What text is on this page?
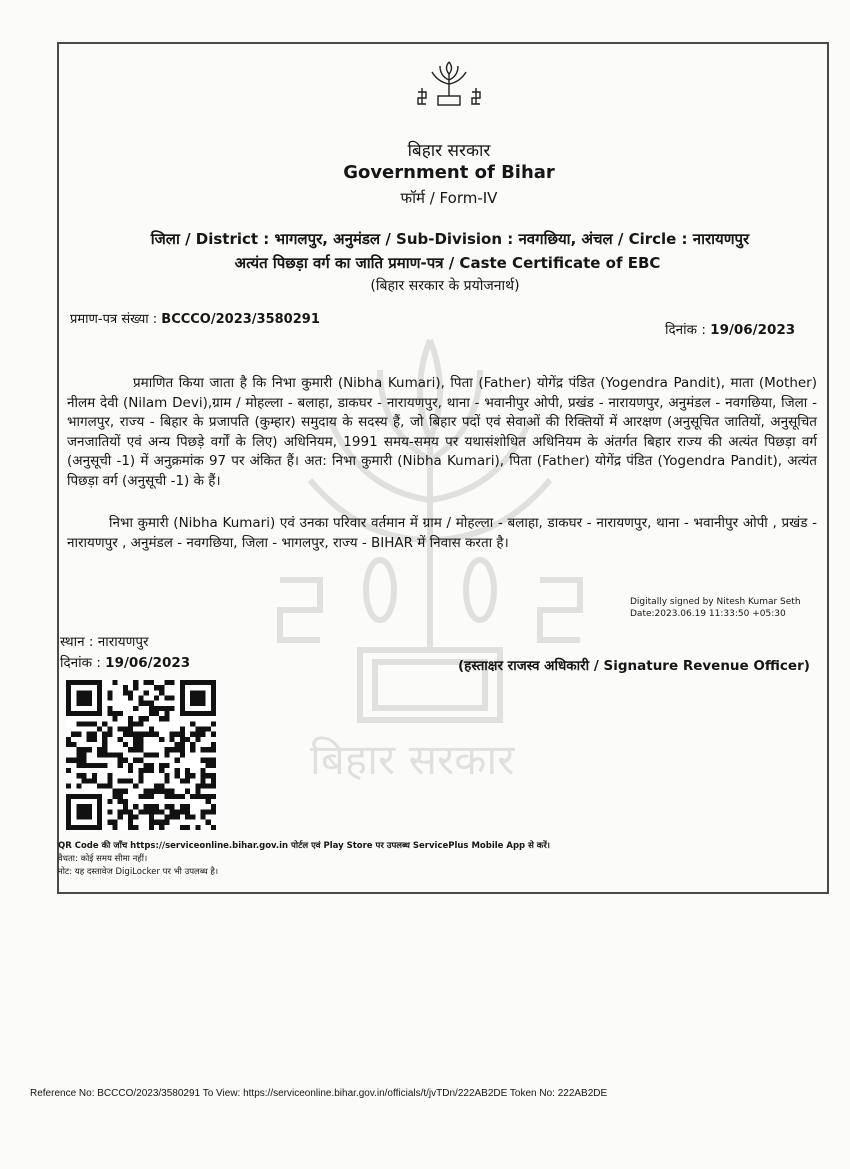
बिहार सरकार
बिहार सरकार
Government of Bihar
फॉर्म / Form-IV
जिला / District : भागलपुर, अनुमंडल / Sub-Division : नवगछिया, अंचल / Circle : नारायणपुर
अत्यंत पिछड़ा वर्ग का जाति प्रमाण-पत्र / Caste Certificate of EBC
(बिहार सरकार के प्रयोजनार्थ)
प्रमाण-पत्र संख्या : BCCCO/2023/3580291
दिनांक : 19/06/2023
प्रमाणित किया जाता है कि निभा कुमारी (Nibha Kumari), पिता (Father) योगेंद्र पंडित (Yogendra Pandit), माता (Mother) नीलम देवी (Nilam Devi),ग्राम / मोहल्ला - बलाहा, डाकघर - नारायणपुर, थाना - भवानीपुर ओपी, प्रखंड - नारायणपुर, अनुमंडल - नवगछिया, जिला - भागलपुर, राज्य - बिहार के प्रजापति (कुम्हार) समुदाय के सदस्य हैं, जो बिहार पदों एवं सेवाओं की रिक्तियों में आरक्षण (अनुसूचित जातियों, अनुसूचित जनजातियों एवं अन्य पिछड़े वर्गों के लिए) अधिनियम, 1991 समय-समय पर यथासंशोधित अधिनियम के अंतर्गत बिहार राज्य की अत्यंत पिछड़ा वर्ग (अनुसूची -1) में अनुक्रमांक 97 पर अंकित हैं। अत: निभा कुमारी (Nibha Kumari), पिता (Father) योगेंद्र पंडित (Yogendra Pandit), अत्यंत पिछड़ा वर्ग (अनुसूची -1) के हैं।
निभा कुमारी (Nibha Kumari) एवं उनका परिवार वर्तमान में ग्राम / मोहल्ला - बलाहा, डाकघर - नारायणपुर, थाना - भवानीपुर ओपी , प्रखंड - नारायणपुर , अनुमंडल - नवगछिया, जिला - भागलपुर, राज्य - BIHAR में निवास करता है।
Digitally signed by Nitesh Kumar Seth
Date:2023.06.19 11:33:50 +05:30
स्थान : नारायणपुर
दिनांक : 19/06/2023	(हस्ताक्षर राजस्व अधिकारी / Signature Revenue Officer)
QR Code की जाँच https://serviceonline.bihar.gov.in पोर्टल एवं Play Store पर उपलब्ध ServicePlus Mobile App से करें।
वैधता: कोई समय सीमा नहीं।
नोट: यह दस्तावेज DigiLocker पर भी उपलब्ध है।
Reference No: BCCCO/2023/3580291 To View: https://serviceonline.bihar.gov.in/officials/t/jvTDn/222AB2DE Token No: 222AB2DE
